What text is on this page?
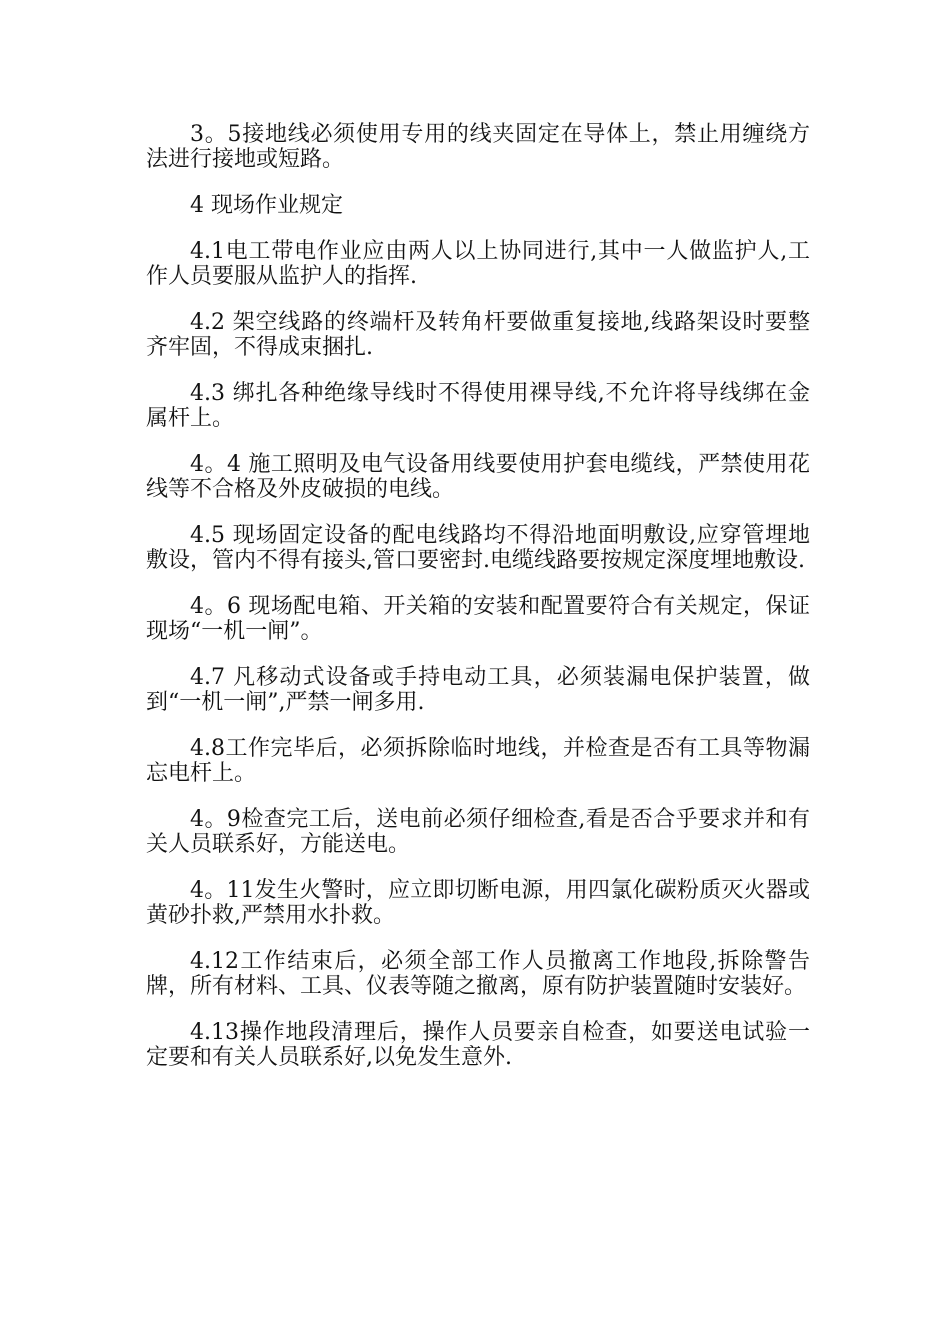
3。5接地线必须使用专用的线夹固定在导体上，禁止用缠绕方法进行接地或短路。

4 现场作业规定

4.1电工带电作业应由两人以上协同进行,其中一人做监护人,工作人员要服从监护人的指挥.

4.2 架空线路的终端杆及转角杆要做重复接地,线路架设时要整齐牢固，不得成束捆扎.

4.3 绑扎各种绝缘导线时不得使用裸导线,不允许将导线绑在金属杆上。

4。4 施工照明及电气设备用线要使用护套电缆线，严禁使用花线等不合格及外皮破损的电线。

4.5 现场固定设备的配电线路均不得沿地面明敷设,应穿管埋地敷设，管内不得有接头,管口要密封.电缆线路要按规定深度埋地敷设.

4。6 现场配电箱、开关箱的安装和配置要符合有关规定，保证现场“一机一闸”。

4.7 凡移动式设备或手持电动工具，必须装漏电保护装置，做到“一机一闸”,严禁一闸多用.

4.8工作完毕后，必须拆除临时地线，并检查是否有工具等物漏忘电杆上。

4。9检查完工后，送电前必须仔细检查,看是否合乎要求并和有关人员联系好，方能送电。

4。11发生火警时，应立即切断电源，用四氯化碳粉质灭火器或黄砂扑救,严禁用水扑救。

4.12工作结束后，必须全部工作人员撤离工作地段,拆除警告牌，所有材料、工具、仪表等随之撤离，原有防护装置随时安装好。

4.13操作地段清理后，操作人员要亲自检查，如要送电试验一定要和有关人员联系好,以免发生意外.
